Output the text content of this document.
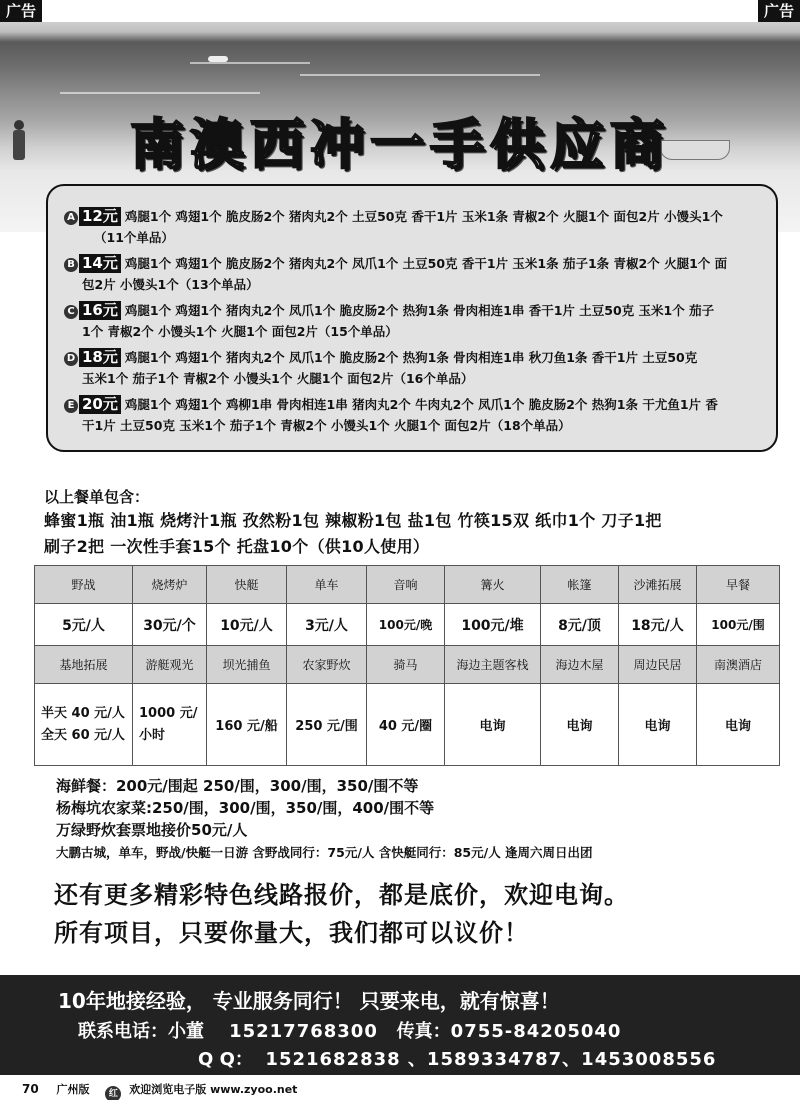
广告	广告
南澳西冲一手供应商
A 12元 鸡腿1个 鸡翅1个 脆皮肠2个 猪肉丸2个 土豆50克 香干1片 玉米1条 青椒2个 火腿1个 面包2片 小馒头1个
（11个单品）
B 14元 鸡腿1个 鸡翅1个 脆皮肠2个 猪肉丸2个 凤爪1个 土豆50克 香干1片 玉米1条 茄子1条 青椒2个 火腿1个 面
包2片 小馒头1个（13个单品）
C 16元 鸡腿1个 鸡翅1个 猪肉丸2个 凤爪1个 脆皮肠2个 热狗1条 骨肉相连1串 香干1片 土豆50克 玉米1个 茄子
1个 青椒2个 小馒头1个 火腿1个 面包2片（15个单品）
D 18元 鸡腿1个 鸡翅1个 猪肉丸2个 凤爪1个 脆皮肠2个 热狗1条 骨肉相连1串 秋刀鱼1条 香干1片 土豆50克
玉米1个 茄子1个 青椒2个 小馒头1个 火腿1个 面包2片（16个单品）
E 20元 鸡腿1个 鸡翅1个 鸡柳1串 骨肉相连1串 猪肉丸2个 牛肉丸2个 凤爪1个 脆皮肠2个 热狗1条 干尤鱼1片 香
干1片 土豆50克 玉米1个 茄子1个 青椒2个 小馒头1个 火腿1个 面包2片（18个单品）
以上餐单包含：
蜂蜜1瓶 油1瓶 烧烤汁1瓶 孜然粉1包 辣椒粉1包 盐1包 竹筷15双 纸巾1个 刀子1把
刷子2把 一次性手套15个 托盘10个（供10人使用）
野战	烧烤炉	快艇	单车	音响	篝火	帐篷	沙滩拓展	早餐
5元/人	30元/个	10元/人	3元/人	100元/晚	100元/堆	8元/顶	18元/人	100元/围
基地拓展	游艇观光	坝光捕鱼	农家野炊	骑马	海边主题客栈	海边木屋	周边民居	南澳酒店
半天 40 元/人
全天 60 元/人	1000 元/
小时	160 元/船	250 元/围	40 元/圈	电询	电询	电询	电询
海鲜餐：200元/围起 250/围，300/围，350/围不等
杨梅坑农家菜:250/围，300/围，350/围，400/围不等
万绿野炊套票地接价50元/人
大鹏古城，单车，野战/快艇一日游 含野战同行：75元/人 含快艇同行：85元/人 逢周六周日出团
还有更多精彩特色线路报价，都是底价，欢迎电询。
所有项目，只要你量大，我们都可以议价！
10年地接经验， 专业服务同行！ 只要来电，就有惊喜！
联系电话：小董 15217768300 传真：0755-84205040
Q Q： 1521682838 、1589334787、1453008556
70 广州版 红 欢迎浏览电子版 www.zyoo.net
